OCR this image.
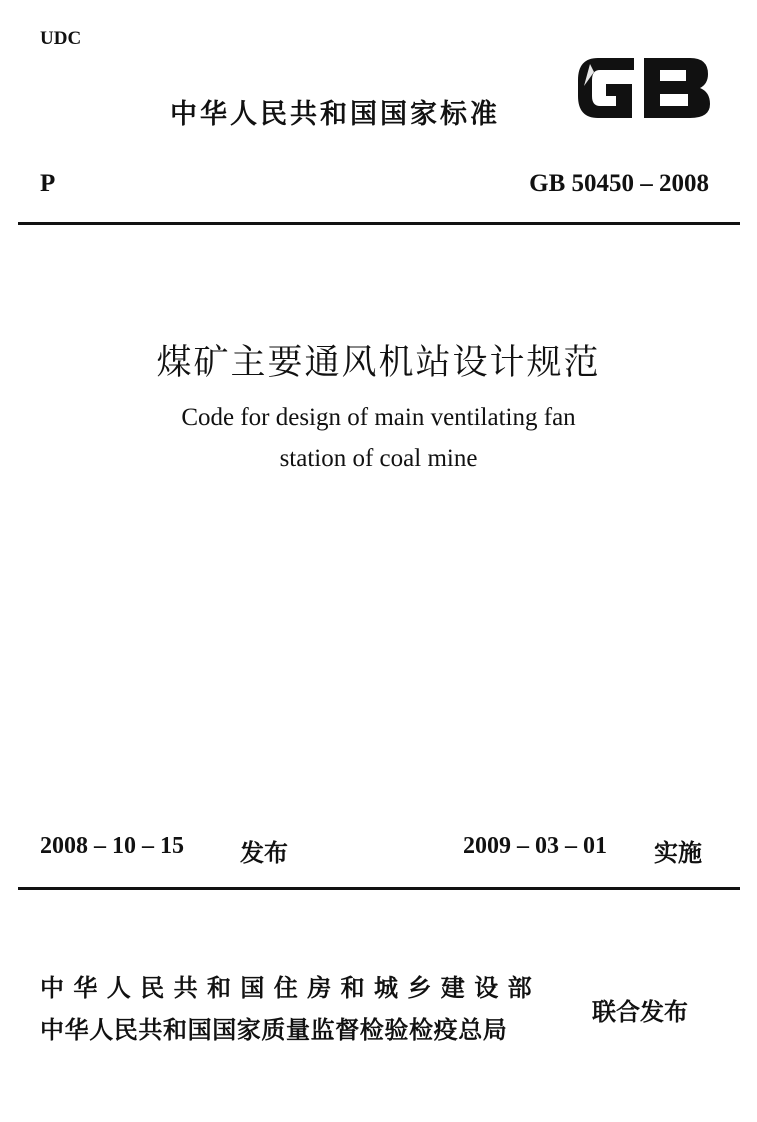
UDC
中华人民共和国国家标准
P	GB 50450 – 2008
煤矿主要通风机站设计规范
Code for design of main ventilating fan
station of coal mine
2008 – 10 – 15 发布	2009 – 03 – 01 实施
中华人民共和国住房和城乡建设部
中华人民共和国国家质量监督检验检疫总局
联合发布
